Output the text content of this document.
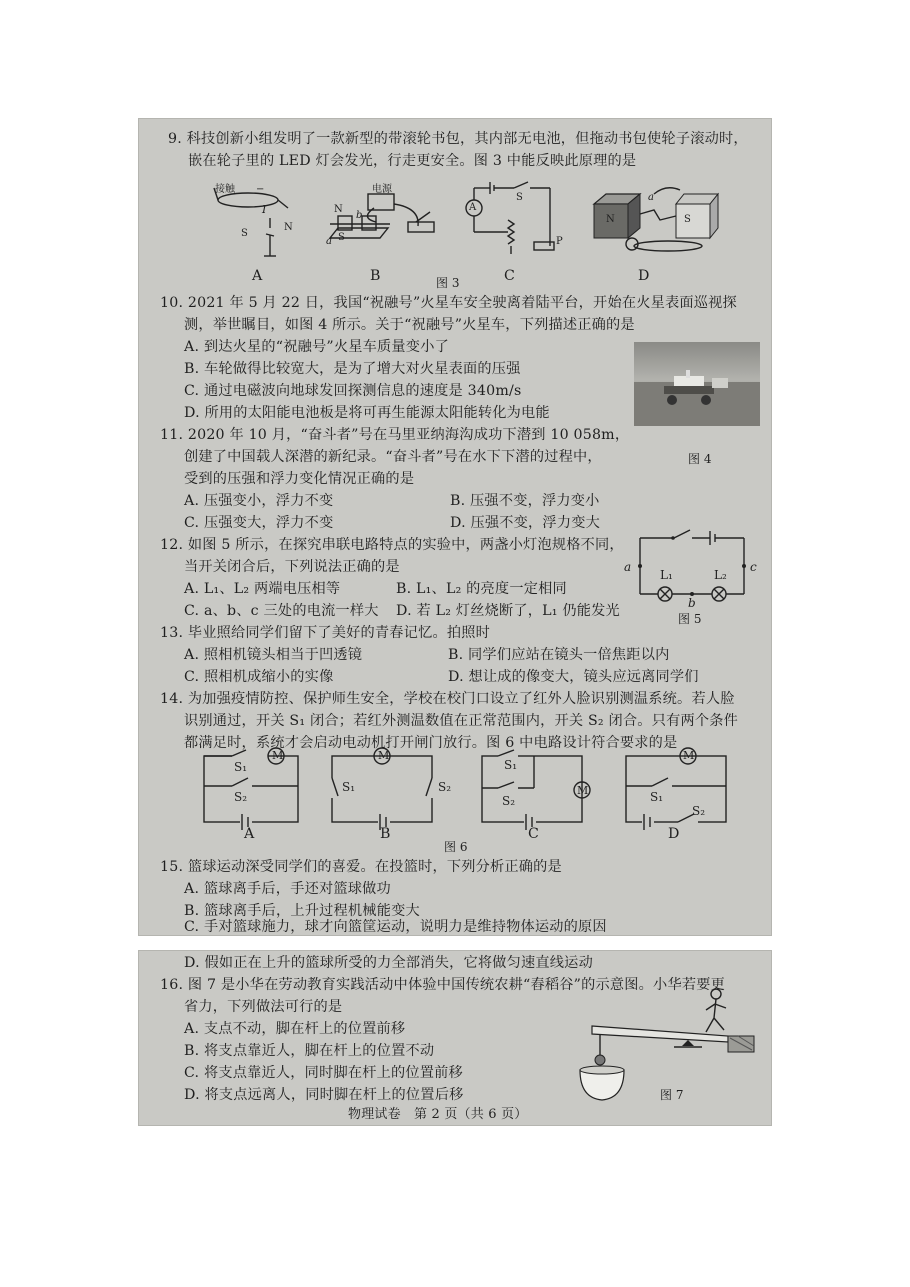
9. 科技创新小组发明了一款新型的带滚轮书包，其内部无电池，但拖动书包使轮子滚动时，
嵌在轮子里的 LED 灯会发光，行走更安全。图 3 中能反映此原理的是
接触 −
I
S
N
电源
N
b
S
a
A
S
P
N	S
a
A	B	图 3	C	D
10. 2021 年 5 月 22 日，我国“祝融号”火星车安全驶离着陆平台，开始在火星表面巡视探
测，举世瞩目，如图 4 所示。关于“祝融号”火星车，下列描述正确的是
A. 到达火星的“祝融号”火星车质量变小了
B. 车轮做得比较宽大，是为了增大对火星表面的压强
C. 通过电磁波向地球发回探测信息的速度是 340m/s
D. 所用的太阳能电池板是将可再生能源太阳能转化为电能
图 4
11. 2020 年 10 月，“奋斗者”号在马里亚纳海沟成功下潜到 10 058m，
创建了中国载人深潜的新纪录。“奋斗者”号在水下下潜的过程中，
受到的压强和浮力变化情况正确的是
A. 压强变小，浮力不变	B. 压强不变，浮力变小
C. 压强变大，浮力不变	D. 压强不变，浮力变大
12. 如图 5 所示，在探究串联电路特点的实验中，两盏小灯泡规格不同，
当开关闭合后，下列说法正确的是
A. L₁、L₂ 两端电压相等	B. L₁、L₂ 的亮度一定相同
C. a、b、c 三处的电流一样大 D. 若 L₂ 灯丝烧断了，L₁ 仍能发光
a	c
b
L₁	L₂
图 5
13. 毕业照给同学们留下了美好的青春记忆。拍照时
A. 照相机镜头相当于凹透镜	B. 同学们应站在镜头一倍焦距以内
C. 照相机成缩小的实像	D. 想让成的像变大，镜头应远离同学们
14. 为加强疫情防控、保护师生安全，学校在校门口设立了红外人脸识别测温系统。若人脸
识别通过，开关 S₁ 闭合；若红外测温数值在正常范围内，开关 S₂ 闭合。只有两个条件
都满足时，系统才会启动电动机打开闸门放行。图 6 中电路设计符合要求的是
M
S₁
S₂
M
S₁	S₂	M
S₁
S₂
M
S₁
S₂
A	B
图 6
C	D
15. 篮球运动深受同学们的喜爱。在投篮时，下列分析正确的是
A. 篮球离手后，手还对篮球做功
B. 篮球离手后，上升过程机械能变大
C. 手对篮球施力，球才向篮筐运动，说明力是维持物体运动的原因
D. 假如正在上升的篮球所受的力全部消失，它将做匀速直线运动
16. 图 7 是小华在劳动教育实践活动中体验中国传统农耕“舂稻谷”的示意图。小华若要更
省力，下列做法可行的是
A. 支点不动，脚在杆上的位置前移
B. 将支点靠近人，脚在杆上的位置不动
C. 将支点靠近人，同时脚在杆上的位置前移
D. 将支点远离人，同时脚在杆上的位置后移	图 7
物理试卷　第 2 页（共 6 页）
